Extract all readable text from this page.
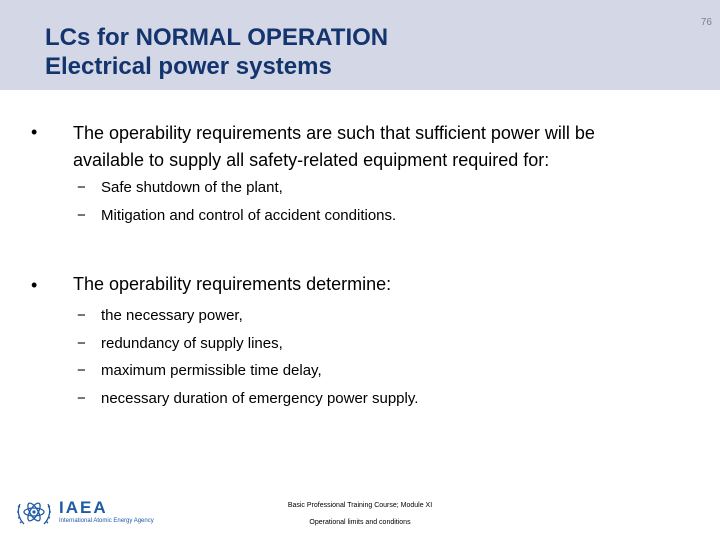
LCs for NORMAL OPERATION
Electrical power systems
76
• The operability requirements are such that sufficient power will be
available to supply all safety-related equipment required for:
− Safe shutdown of the plant,
− Mitigation and control of accident conditions.
• The operability requirements determine:
− the necessary power,
− redundancy of supply lines,
− maximum permissible time delay,
− necessary duration of emergency power supply.
IAEA
International Atomic Energy Agency
Basic Professional Training Course; Module XI
Operational limits and conditions
